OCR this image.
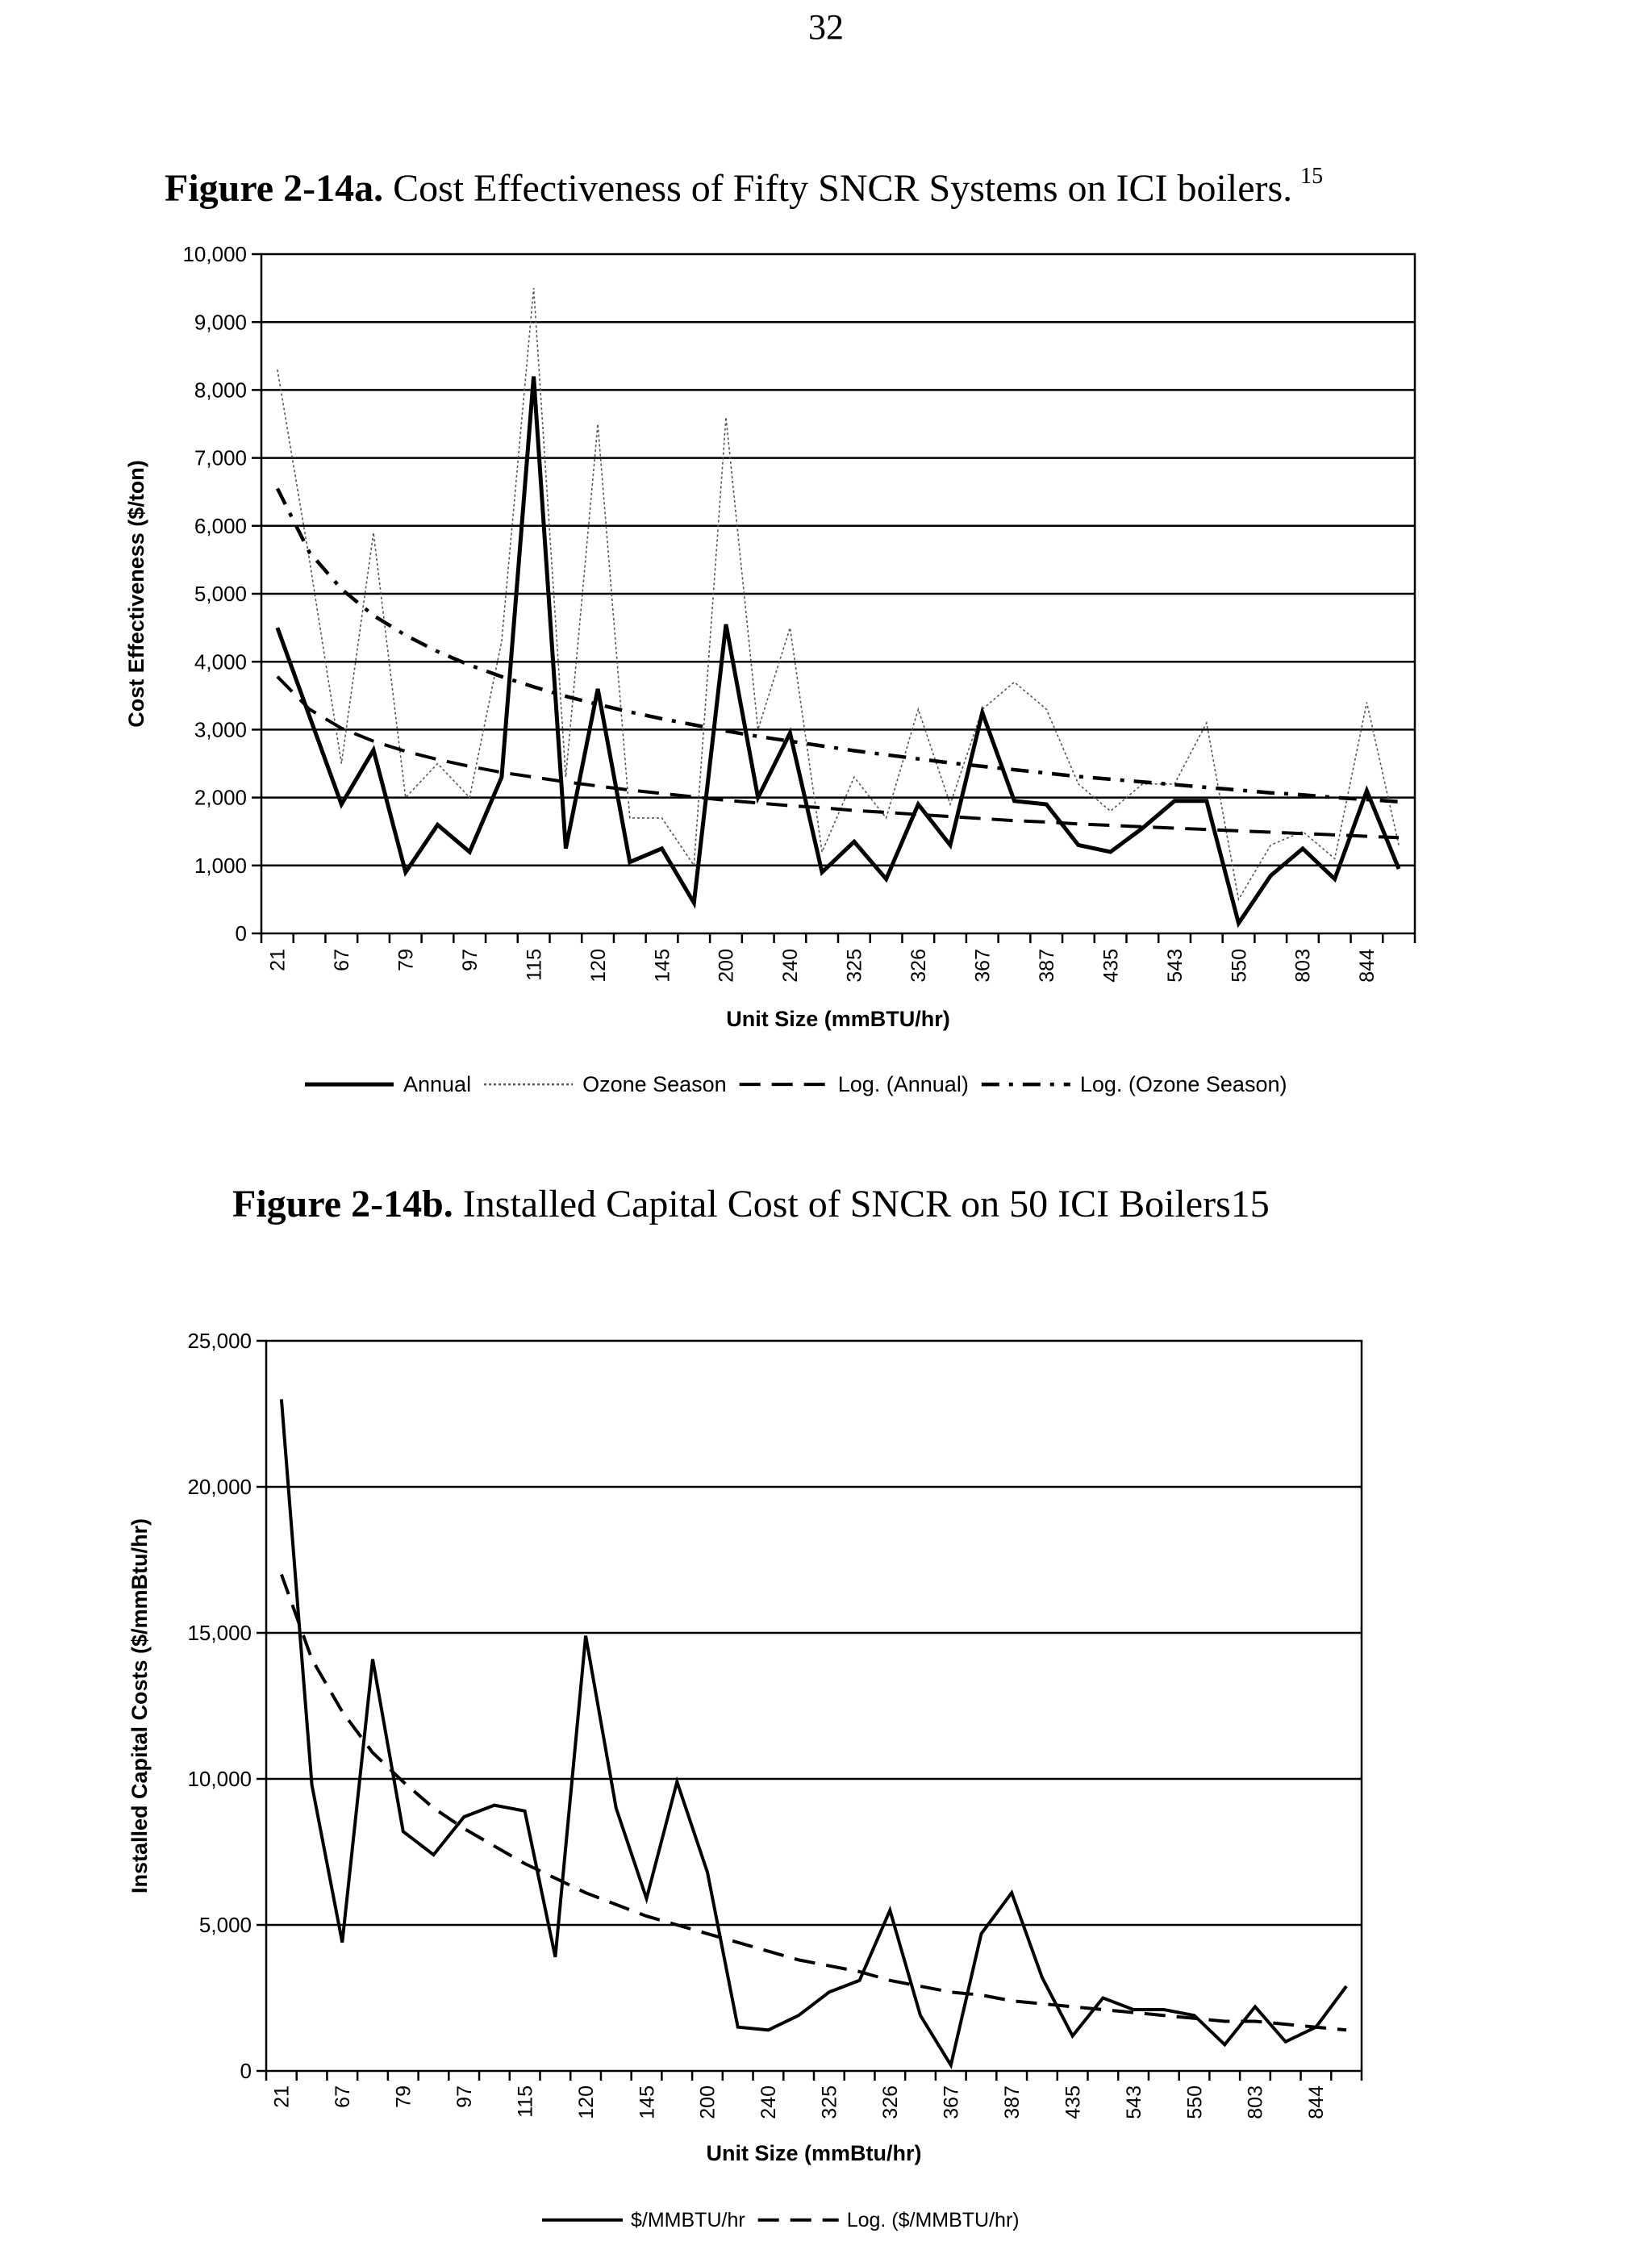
32
Figure 2-14a. Cost Effectiveness of Fifty SNCR Systems on ICI boilers. $^{15}$
0
1,000
2,000
3,000
4,000
5,000
6,000
7,000
8,000
9,000
10,000
21 67 79 97 115 120 145 200 240 325 326 367 387 435 543 550 803 844
Unit Size (mmBTU/hr)
Cost Effectiveness ($/ton)
Annual	Ozone Season	Log. (Annual)	Log. (Ozone Season)
Figure 2-14b. Installed Capital Cost of SNCR on 50 ICI Boilers15
0
5,000
10,000
15,000
20,000
25,000
21 67 79 97 115 120 145 200 240 325 326 367 387 435 543 550 803 844
Unit Size (mmBtu/hr)
Installed Capital Costs ($/mmBtu/hr)
$/MMBTU/hr	Log. ($/MMBTU/hr)
